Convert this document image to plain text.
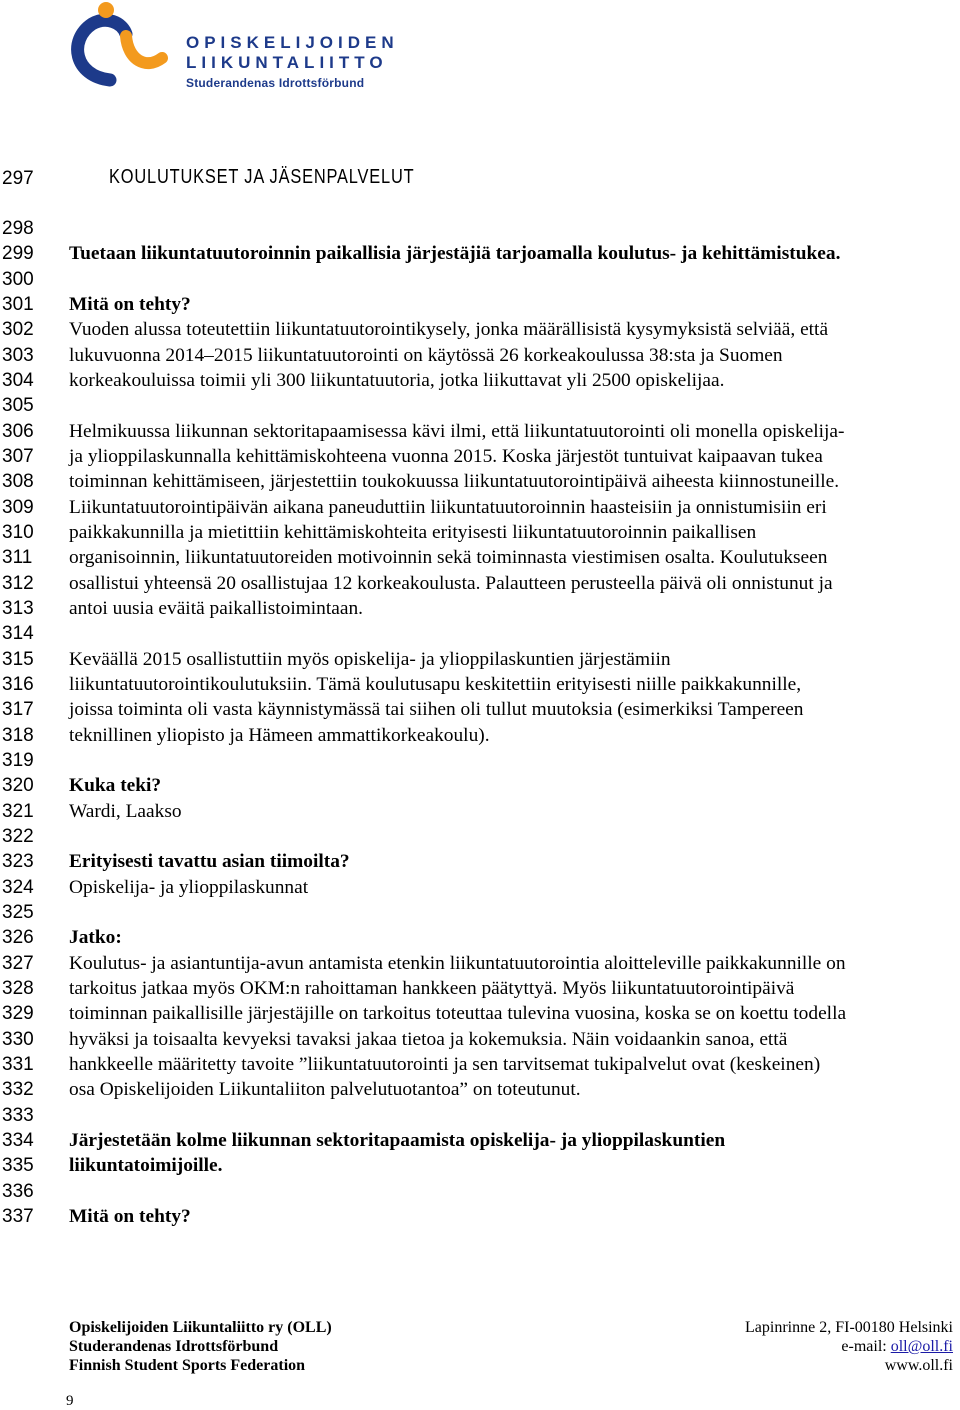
OPISKELIJOIDEN
LIIKUNTALIITTO
Studerandenas Idrottsförbund
297
298
299
300
301
302
303
304
305
306
307
308
309
310
311
312
313
314
315
316
317
318
319
320
321
322
323
324
325
326
327
328
329
330
331
332
333
334
335
336
337
KOULUTUKSET JA JÄSENPALVELUT
Tuetaan liikuntatuutoroinnin paikallisia järjestäjiä tarjoamalla koulutus- ja kehittämistukea.
Mitä on tehty?
Vuoden alussa toteutettiin liikuntatuutorointikysely, jonka määrällisistä kysymyksistä selviää, että
lukuvuonna 2014–2015 liikuntatuutorointi on käytössä 26 korkeakoulussa 38:sta ja Suomen
korkeakouluissa toimii yli 300 liikuntatuutoria, jotka liikuttavat yli 2500 opiskelijaa.
Helmikuussa liikunnan sektoritapaamisessa kävi ilmi, että liikuntatuutorointi oli monella opiskelija-
ja ylioppilaskunnalla kehittämiskohteena vuonna 2015. Koska järjestöt tuntuivat kaipaavan tukea
toiminnan kehittämiseen, järjestettiin toukokuussa liikuntatuutorointipäivä aiheesta kiinnostuneille.
Liikuntatuutorointipäivän aikana paneuduttiin liikuntatuutoroinnin haasteisiin ja onnistumisiin eri
paikkakunnilla ja mietittiin kehittämiskohteita erityisesti liikuntatuutoroinnin paikallisen
organisoinnin, liikuntatuutoreiden motivoinnin sekä toiminnasta viestimisen osalta. Koulutukseen
osallistui yhteensä 20 osallistujaa 12 korkeakoulusta. Palautteen perusteella päivä oli onnistunut ja
antoi uusia eväitä paikallistoimintaan.
Keväällä 2015 osallistuttiin myös opiskelija- ja ylioppilaskuntien järjestämiin
liikuntatuutorointikoulutuksiin. Tämä koulutusapu keskitettiin erityisesti niille paikkakunnille,
joissa toiminta oli vasta käynnistymässä tai siihen oli tullut muutoksia (esimerkiksi Tampereen
teknillinen yliopisto ja Hämeen ammattikorkeakoulu).
Kuka teki?
Wardi, Laakso
Erityisesti tavattu asian tiimoilta?
Opiskelija- ja ylioppilaskunnat
Jatko:
Koulutus- ja asiantuntija-avun antamista etenkin liikuntatuutorointia aloitteleville paikkakunnille on
tarkoitus jatkaa myös OKM:n rahoittaman hankkeen päätyttyä. Myös liikuntatuutorointipäivä
toiminnan paikallisille järjestäjille on tarkoitus toteuttaa tulevina vuosina, koska se on koettu todella
hyväksi ja toisaalta kevyeksi tavaksi jakaa tietoa ja kokemuksia. Näin voidaankin sanoa, että
hankkeelle määritetty tavoite ”liikuntatuutorointi ja sen tarvitsemat tukipalvelut ovat (keskeinen)
osa Opiskelijoiden Liikuntaliiton palvelutuotantoa” on toteutunut.
Järjestetään kolme liikunnan sektoritapaamista opiskelija- ja ylioppilaskuntien
liikuntatoimijoille.
Mitä on tehty?
Opiskelijoiden Liikuntaliitto ry (OLL)
Studerandenas Idrottsförbund
Finnish Student Sports Federation
Lapinrinne 2, FI-00180 Helsinki
e-mail: oll@oll.fi
www.oll.fi
9
